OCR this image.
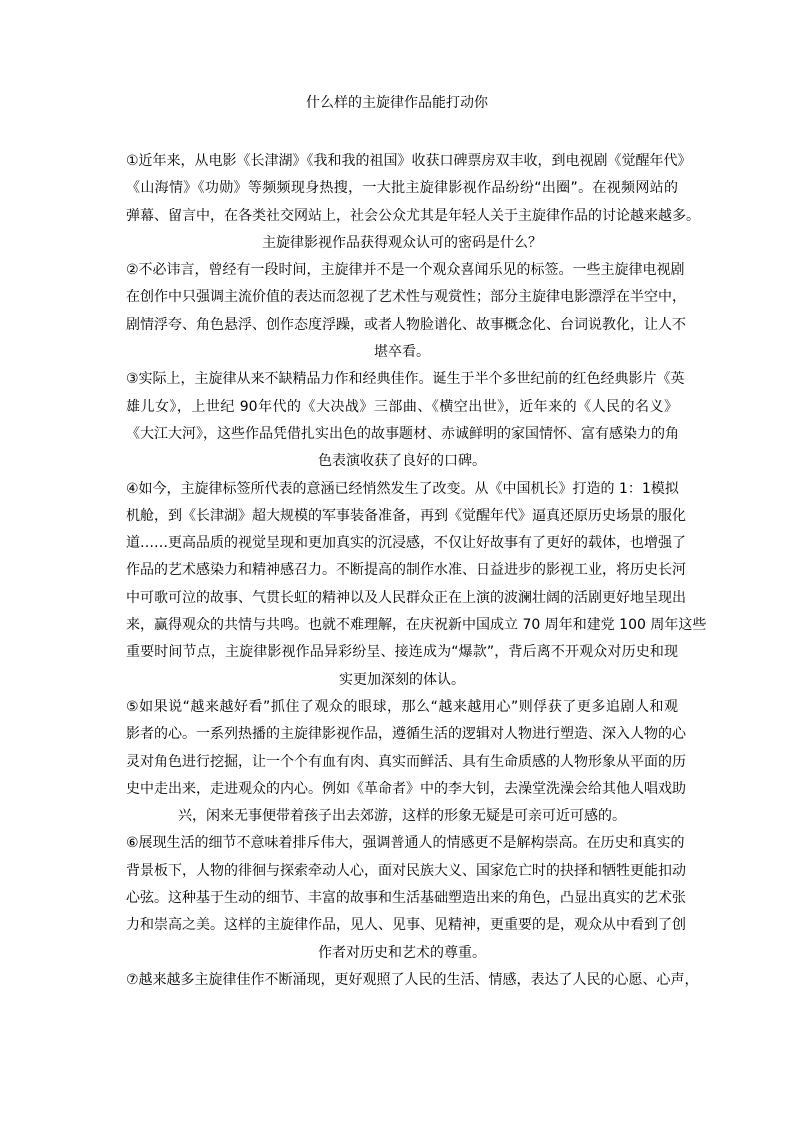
什么样的主旋律作品能打动你
①近年来，从电影《长津湖》《我和我的祖国》收获口碑票房双丰收，到电视剧《觉醒年代》
《山海情》《功勋》等频频现身热搜，一大批主旋律影视作品纷纷“出圈”。在视频网站的
弹幕、留言中，在各类社交网站上，社会公众尤其是年轻人关于主旋律作品的讨论越来越多。
主旋律影视作品获得观众认可的密码是什么？
②不必讳言，曾经有一段时间，主旋律并不是一个观众喜闻乐见的标签。一些主旋律电视剧
在创作中只强调主流价值的表达而忽视了艺术性与观赏性；部分主旋律电影漂浮在半空中，
剧情浮夸、角色悬浮、创作态度浮躁，或者人物脸谱化、故事概念化、台词说教化，让人不
堪卒看。
③实际上，主旋律从来不缺精品力作和经典佳作。诞生于半个多世纪前的红色经典影片《英
雄儿女》，上世纪 90年代的《大决战》三部曲、《横空出世》，近年来的《人民的名义》
《大江大河》，这些作品凭借扎实出色的故事题材、赤诚鲜明的家国情怀、富有感染力的角
色表演收获了良好的口碑。
④如今，主旋律标签所代表的意涵已经悄然发生了改变。从《中国机长》打造的 1：1模拟
机舱，到《长津湖》超大规模的军事装备准备，再到《觉醒年代》逼真还原历史场景的服化
道……更高品质的视觉呈现和更加真实的沉浸感，不仅让好故事有了更好的载体，也增强了
作品的艺术感染力和精神感召力。不断提高的制作水准、日益进步的影视工业，将历史长河
中可歌可泣的故事、气贯长虹的精神以及人民群众正在上演的波澜壮阔的活剧更好地呈现出
来，赢得观众的共情与共鸣。也就不难理解，在庆祝新中国成立 70 周年和建党 100 周年这些
重要时间节点，主旋律影视作品异彩纷呈、接连成为“爆款”，背后离不开观众对历史和现
实更加深刻的体认。
⑤如果说“越来越好看”抓住了观众的眼球，那么“越来越用心”则俘获了更多追剧人和观
影者的心。一系列热播的主旋律影视作品，遵循生活的逻辑对人物进行塑造、深入人物的心
灵对角色进行挖掘，让一个个有血有肉、真实而鲜活、具有生命质感的人物形象从平面的历
史中走出来，走进观众的内心。例如《革命者》中的李大钊，去澡堂洗澡会给其他人唱戏助
兴，闲来无事便带着孩子出去郊游，这样的形象无疑是可亲可近可感的。
⑥展现生活的细节不意味着排斥伟大，强调普通人的情感更不是解构崇高。在历史和真实的
背景板下，人物的徘徊与探索牵动人心，面对民族大义、国家危亡时的抉择和牺牲更能扣动
心弦。这种基于生动的细节、丰富的故事和生活基础塑造出来的角色，凸显出真实的艺术张
力和崇高之美。这样的主旋律作品，见人、见事、见精神，更重要的是，观众从中看到了创
作者对历史和艺术的尊重。
⑦越来越多主旋律佳作不断涌现，更好观照了人民的生活、情感，表达了人民的心愿、心声，
